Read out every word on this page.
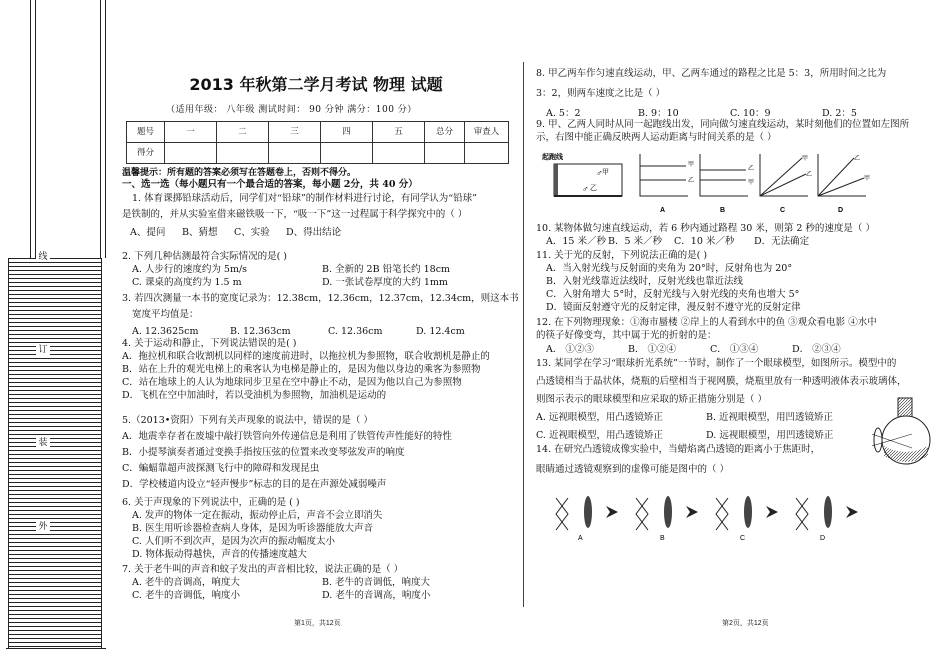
线
订
装
外
2013 年秋第二学月考试 物理 试题
（适用年级： 八年级 测试时间： 90 分钟 满分：100 分）
题号	一	二	三	四	五	总分	审查人
得分							
温馨提示：所有题的答案必须写在答题卷上，否则不得分。
一、选一选（每小题只有一个最合适的答案，每小题 2分，共 40 分）

1. 体育课掷铅球活动后，同学们对“铅球”的制作材料进行讨论，有同学认为“铅球”

是铁制的，并从实验室借来磁铁吸一下，“吸一下”这一过程属于科学探究中的（ ）

A、提问	B、猜想	C、实验	D、得出结论

2. 下列几种估测最符合实际情况的是( )

A. 人步行的速度约为 5m/s	B. 全新的 2B 铅笔长约 18cm
C. 课桌的高度约为 1.5 m	D. 一张试卷厚度的大约 1mm

3. 若四次测量一本书的宽度记录为：12.38cm，12.36cm，12.37cm，12.34cm，则这本书

宽度平均值是：

A. 12.3625cm	B. 12.363cm	C. 12.36cm	D. 12.4cm

4. 关于运动和静止，下列说法错误的是( )

A．拖拉机和联合收割机以同样的速度前进时，以拖拉机为参照物，联合收割机是静止的

B．站在上升的观光电梯上的乘客认为电梯是静止的，是因为他以身边的乘客为参照物

C．站在地球上的人认为地球同步卫星在空中静止不动，是因为他以自己为参照物

D．飞机在空中加油时，若以受油机为参照物，加油机是运动的

5.（2013•资阳）下列有关声现象的说法中，错误的是（ ）

A．地震幸存者在废墟中敲打铁管向外传递信息是利用了铁管传声性能好的特性

B．小提琴演奏者通过变换手指按压弦的位置来改变琴弦发声的响度

C．蝙蝠靠超声波探测飞行中的障碍和发现昆虫

D．学校楼道内设立“轻声慢步”标志的目的是在声源处减弱噪声

6. 关于声现象的下列说法中，正确的是 ( )

A. 发声的物体一定在振动，振动停止后，声音不会立即消失

B. 医生用听诊器检查病人身体，是因为听诊器能放大声音

C. 人们听不到次声，是因为次声的振动幅度太小

D. 物体振动得越快，声音的传播速度越大

7. 关于老牛叫的声音和蚊子发出的声音相比较，说法正确的是（ ）

A. 老牛的音调高，响度大	B. 老牛的音调低，响度大
C. 老牛的音调低，响度小	D. 老牛的音调高，响度小
第1页，共12页

8. 甲乙两车作匀速直线运动，甲、乙两车通过的路程之比是 5：3，所用时间之比为

3：2，则两车速度之比是（ ）

A. 5：2	B. 9：10	C. 10：9	D. 2：5

9. 甲、乙两人同时从同一起跑线出发，同向做匀速直线运动，某时刻他们的位置如左图所

示，右图中能正确反映两人运动距离与时间关系的是（ ）

起跑线
甲
乙
♂
♂
甲
乙
A
乙
甲
B
甲
乙
C
乙
甲
D

10. 某物体做匀速直线运动，若 6 秒内通过路程 30 米，则第 2 秒的速度是（ ）

A．15 米／秒 B．5 米／秒	C．10 米／秒	D．无法确定

11. 关于光的反射，下列说法正确的是( )

A．当入射光线与反射面的夹角为 20°时，反射角也为 20°

B．入射光线靠近法线时，反射光线也靠近法线

C．入射角增大 5°时，反射光线与入射光线的夹角也增大 5°

D．镜面反射遵守光的反射定律，漫反射不遵守光的反射定律

12. 在下列物理现象：①海市蜃楼 ②岸上的人看到水中的鱼 ③观众看电影 ④水中

的筷子好像变弯，其中属于光的折射的是：

A． ①②③	B． ①②④	C． ①③④	D． ②③④

13. 某同学在学习“眼球折光系统”一节时，制作了一个眼球模型，如图所示。模型中的

凸透镜相当于晶状体，烧瓶的后壁相当于视网膜，烧瓶里放有一种透明液体表示玻璃体，

则图示表示的眼球模型和应采取的矫正措施分别是（ ）

A. 远视眼模型，用凸透镜矫正	B. 近视眼模型，用凹透镜矫正
C. 近视眼模型，用凸透镜矫正	D. 远视眼模型，用凹透镜矫正

14. 在研究凸透镜成像实验中，当蜡焰离凸透镜的距离小于焦距时，

眼睛通过透镜观察到的虚像可能是图中的（ ）

A	B	C	D
第2页，共12页
